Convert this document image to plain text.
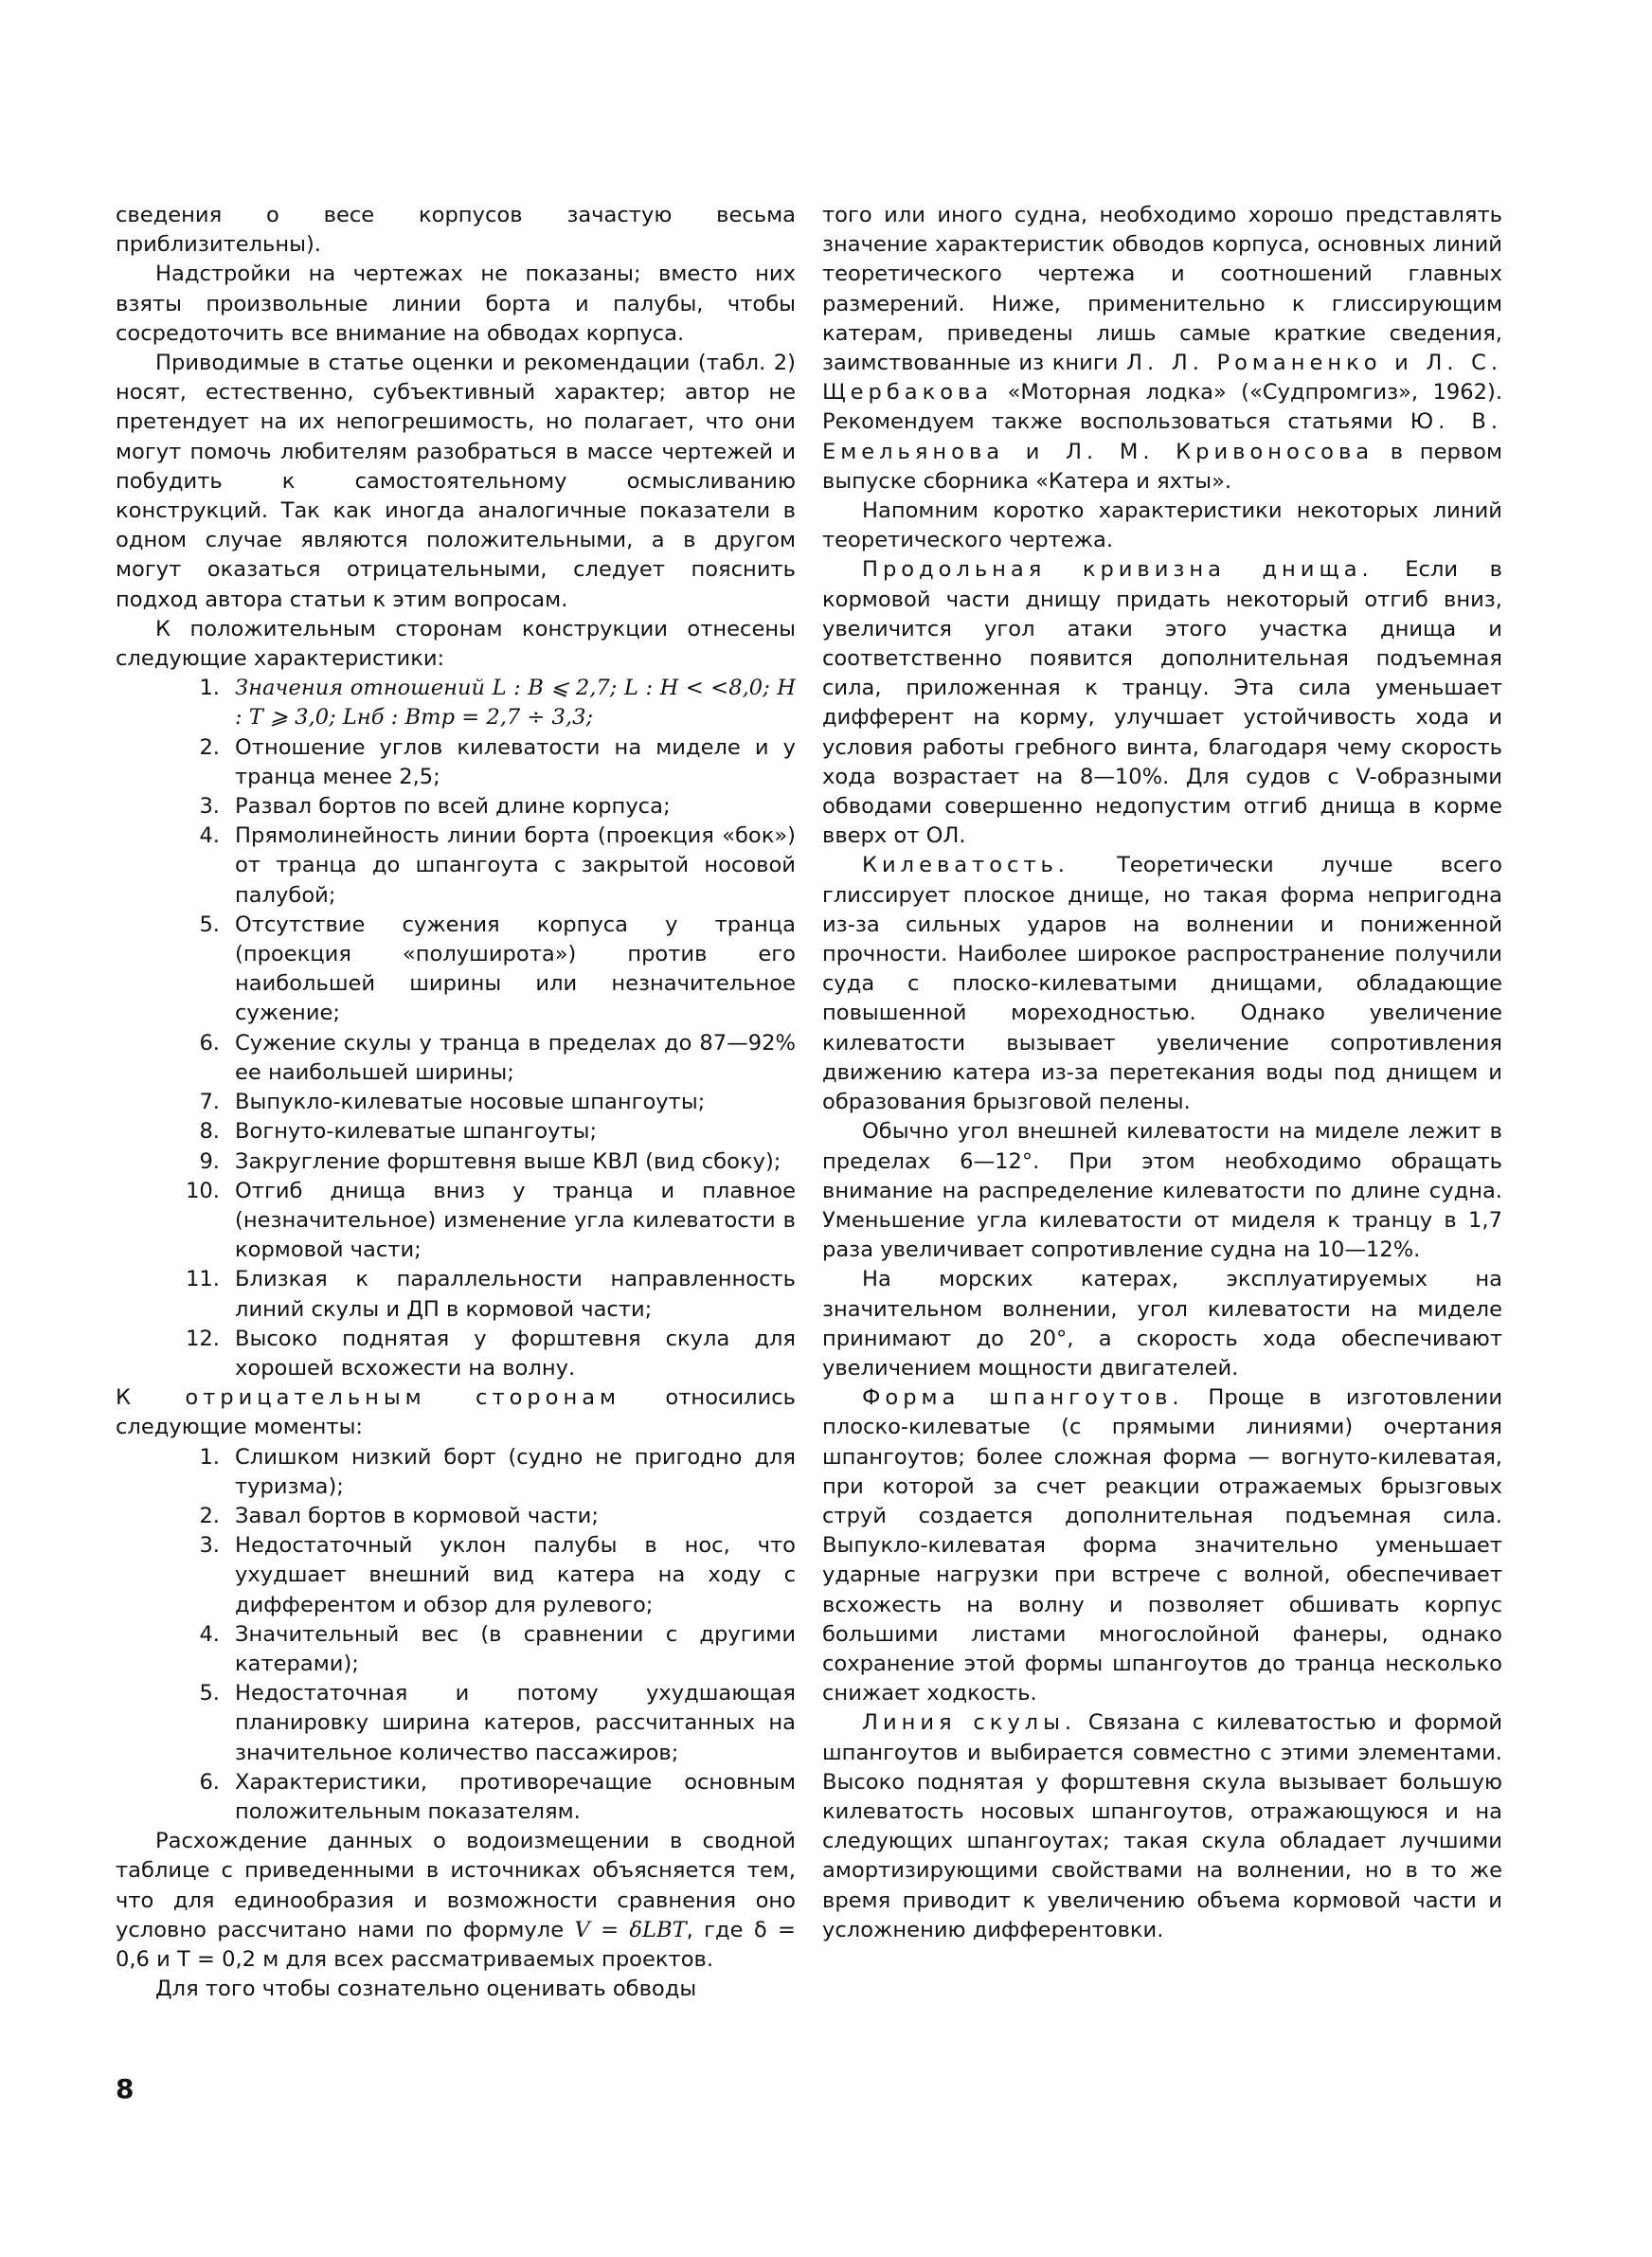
сведения о весе корпусов зачастую весьма приблизительны).

Надстройки на чертежах не показаны; вместо них взяты произвольные линии борта и палубы, чтобы сосредоточить все внимание на обводах корпуса.

Приводимые в статье оценки и рекомендации (табл. 2) носят, естественно, субъективный характер; автор не претендует на их непогрешимость, но полагает, что они могут помочь любителям разобраться в массе чертежей и побудить к самостоятельному осмысливанию конструкций. Так как иногда аналогичные показатели в одном случае являются положительными, а в другом могут оказаться отрицательными, следует пояснить подход автора статьи к этим вопросам.

К положительным сторонам конструкции отнесены следующие характеристики:

1. Значения отношений L : B ⩽ 2,7; L : H < <8,0; H : T ⩾ 3,0; Lнб : Bтр = 2,7 ÷ 3,3;
2. Отношение углов килеватости на миделе и у транца менее 2,5;
3. Развал бортов по всей длине корпуса;
4. Прямолинейность линии борта (проекция «бок») от транца до шпангоута с закрытой носовой палубой;
5. Отсутствие сужения корпуса у транца (проекция «полуширота») против его наибольшей ширины или незначительное сужение;
6. Сужение скулы у транца в пределах до 87—92% ее наибольшей ширины;
7. Выпукло-килеватые носовые шпангоуты;
8. Вогнуто-килеватые шпангоуты;
9. Закругление форштевня выше КВЛ (вид сбоку);
10. Отгиб днища вниз у транца и плавное (незначительное) изменение угла килеватости в кормовой части;
11. Близкая к параллельности направленность линий скулы и ДП в кормовой части;
12. Высоко поднятая у форштевня скула для хорошей всхожести на волну.

К отрицательным сторонам относились следующие моменты:

1. Слишком низкий борт (судно не пригодно для туризма);
2. Завал бортов в кормовой части;
3. Недостаточный уклон палубы в нос, что ухудшает внешний вид катера на ходу с дифферентом и обзор для рулевого;
4. Значительный вес (в сравнении с другими катерами);
5. Недостаточная и потому ухудшающая планировку ширина катеров, рассчитанных на значительное количество пассажиров;
6. Характеристики, противоречащие основным положительным показателям.

Расхождение данных о водоизмещении в сводной таблице с приведенными в источниках объясняется тем, что для единообразия и возможности сравнения оно условно рассчитано нами по формуле V = δLBT, где δ = 0,6 и T = 0,2 м для всех рассматриваемых проектов.

Для того чтобы сознательно оценивать обводы

того или иного судна, необходимо хорошо представлять значение характеристик обводов корпуса, основных линий теоретического чертежа и соотношений главных размерений. Ниже, применительно к глиссирующим катерам, приведены лишь самые краткие сведения, заимствованные из книги Л. Л. Романенко и Л. С. Щербакова «Моторная лодка» («Судпромгиз», 1962). Рекомендуем также воспользоваться статьями Ю. В. Емельянова и Л. М. Кривоносова в первом выпуске сборника «Катера и яхты».

Напомним коротко характеристики некоторых линий теоретического чертежа.

Продольная кривизна днища. Если в кормовой части днищу придать некоторый отгиб вниз, увеличится угол атаки этого участка днища и соответственно появится дополнительная подъемная сила, приложенная к транцу. Эта сила уменьшает дифферент на корму, улучшает устойчивость хода и условия работы гребного винта, благодаря чему скорость хода возрастает на 8—10%. Для судов с V-образными обводами совершенно недопустим отгиб днища в корме вверх от ОЛ.

Килеватость. Теоретически лучше всего глиссирует плоское днище, но такая форма непригодна из-за сильных ударов на волнении и пониженной прочности. Наиболее широкое распространение получили суда с плоско-килеватыми днищами, обладающие повышенной мореходностью. Однако увеличение килеватости вызывает увеличение сопротивления движению катера из-за перетекания воды под днищем и образования брызговой пелены.

Обычно угол внешней килеватости на миделе лежит в пределах 6—12°. При этом необходимо обращать внимание на распределение килеватости по длине судна. Уменьшение угла килеватости от миделя к транцу в 1,7 раза увеличивает сопротивление судна на 10—12%.

На морских катерах, эксплуатируемых на значительном волнении, угол килеватости на миделе принимают до 20°, а скорость хода обеспечивают увеличением мощности двигателей.

Форма шпангоутов. Проще в изготовлении плоско-килеватые (с прямыми линиями) очертания шпангоутов; более сложная форма — вогнуто-килеватая, при которой за счет реакции отражаемых брызговых струй создается дополнительная подъемная сила. Выпукло-килеватая форма значительно уменьшает ударные нагрузки при встрече с волной, обеспечивает всхожесть на волну и позволяет обшивать корпус большими листами многослойной фанеры, однако сохранение этой формы шпангоутов до транца несколько снижает ходкость.

Линия скулы. Связана с килеватостью и формой шпангоутов и выбирается совместно с этими элементами. Высоко поднятая у форштевня скула вызывает большую килеватость носовых шпангоутов, отражающуюся и на следующих шпангоутах; такая скула обладает лучшими амортизирующими свойствами на волнении, но в то же время приводит к увеличению объема кормовой части и усложнению дифферентовки.

8
